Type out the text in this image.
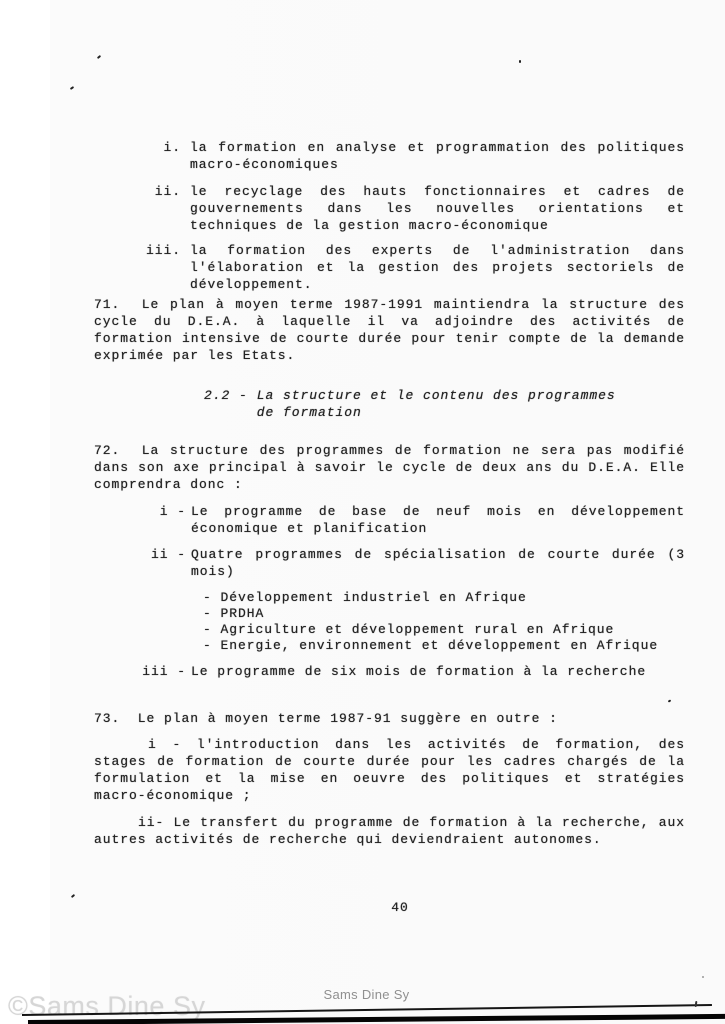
i. la formation en analyse et programmation des politiques macro-économiques
ii. le recyclage des hauts fonctionnaires et cadres de gouvernements dans les nouvelles orientations et techniques de la gestion macro-économique
iii. la formation des experts de l'administration dans l'élaboration et la gestion des projets sectoriels de développement.

71.  Le plan à moyen terme 1987-1991 maintiendra la structure des cycle du D.E.A. à laquelle il va adjoindre des activités de formation intensive de courte durée pour tenir compte de la demande exprimée par les Etats.

2.2 - La structure et le contenu des programmes
de formation

72.  La structure des programmes de formation ne sera pas modifié dans son axe principal à savoir le cycle de deux ans du D.E.A. Elle comprendra donc :

i - Le programme de base de neuf mois en développement économique et planification
ii - Quatre programmes de spécialisation de courte durée (3 mois)
- Développement industriel en Afrique
- PRDHA
- Agriculture et développement rural en Afrique
- Energie, environnement et développement en Afrique
iii - Le programme de six mois de formation à la recherche

73.  Le plan à moyen terme 1987-91 suggère en outre :

i - l'introduction dans les activités de formation, des stages de formation de courte durée pour les cadres chargés de la formulation et la mise en oeuvre des politiques et stratégies macro-économique ;

ii- Le transfert du programme de formation à la recherche, aux autres activités de recherche qui deviendraient autonomes.

40
©Sams Dine Sy	Sams Dine Sy
